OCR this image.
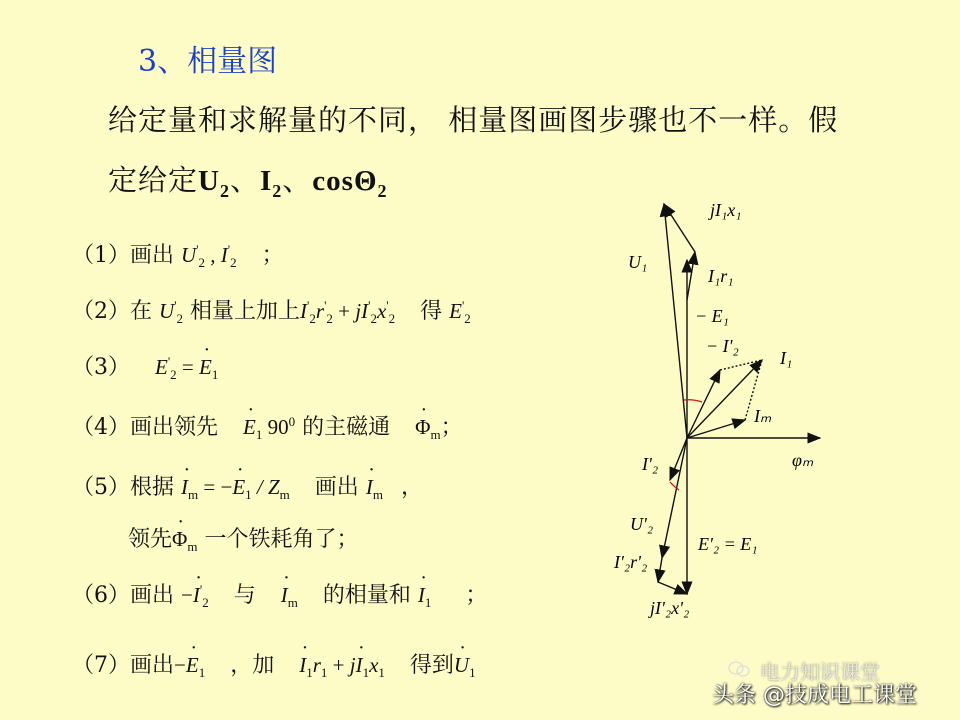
3、相量图
给定量和求解量的不同， 相量图画图步骤也不一样。假
定给定$U_2$、$I_2$、cosΘ$_2$
（1）画出 $U'_2$ , $I'_2$ ；
（2）在 $U'_2$ 相量上加上$I'_2r'_2 + jI'_2x'_2$ 得 $E'_2$
（3） $E'_2$ = · $E_1$
（4）画出领先 · $E_1$ $90^0$ 的主磁通 · $\Phi_m$；
（5）根据 · $I_m$ = −· $E_1 / Z_m$ 画出 · $I_m$ ，
领先· $\Phi_m$ 一个铁耗角了；
（6）画出 −· $I'_2$ 与 · $I_m$ 的相量和 · $I_1$ ；
（7）画出−· $E_1$ ，加 · $I_1r_1 + j\cdot I_1x_1$ 得到· $U_1$
jI₁x₁
U₁
I₁r₁
− E₁
− I'₂
I₁
Iₘ
φₘ
I'₂
U'₂
E'₂ = E₁
I'₂r'₂
jI'₂x'₂
电力知识课堂
头条 @技成电工课堂
